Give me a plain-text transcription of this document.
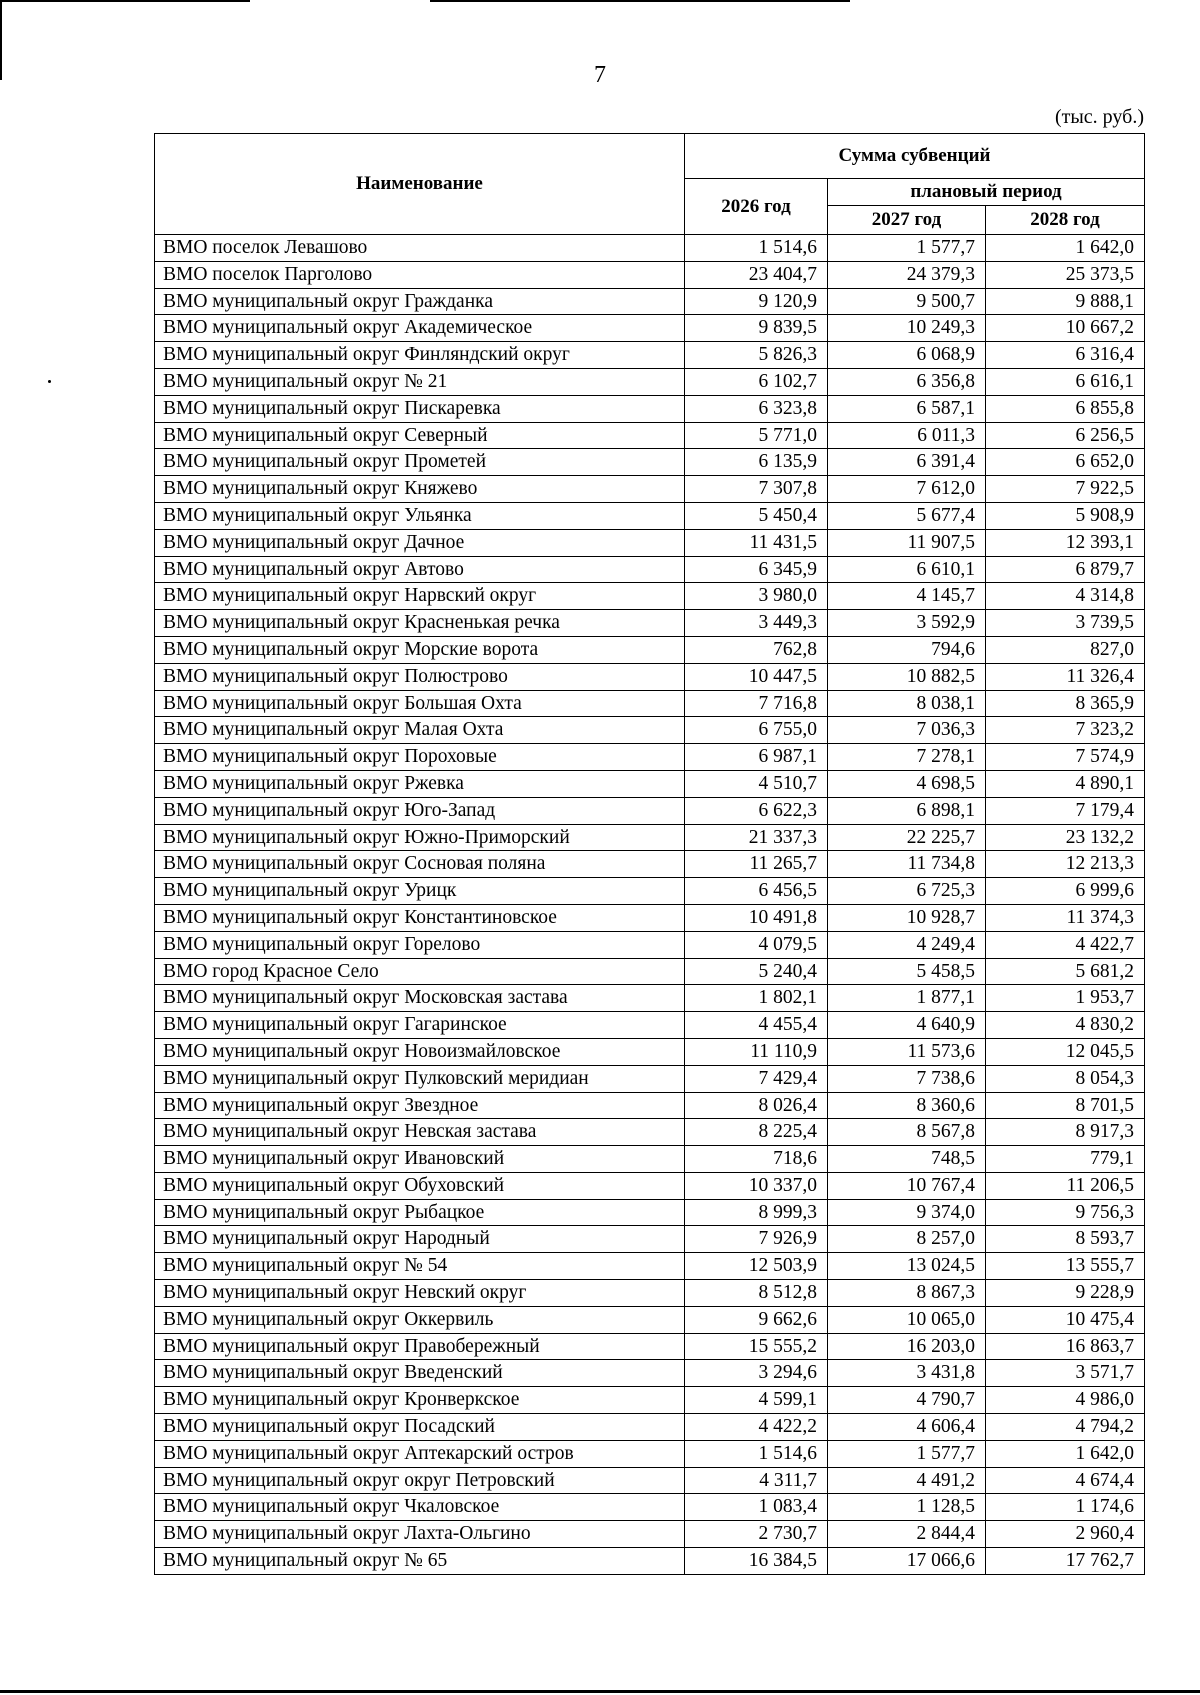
7
(тыс. руб.)
Наименование	Сумма субвенций		
	2026 год	плановый период	
		2027 год	2028 год
ВМО поселок Левашово	1 514,6	1 577,7	1 642,0
ВМО поселок Парголово	23 404,7	24 379,3	25 373,5
ВМО муниципальный округ Гражданка	9 120,9	9 500,7	9 888,1
ВМО муниципальный округ Академическое	9 839,5	10 249,3	10 667,2
ВМО муниципальный округ Финляндский округ	5 826,3	6 068,9	6 316,4
ВМО муниципальный округ № 21	6 102,7	6 356,8	6 616,1
ВМО муниципальный округ Пискаревка	6 323,8	6 587,1	6 855,8
ВМО муниципальный округ Северный	5 771,0	6 011,3	6 256,5
ВМО муниципальный округ Прометей	6 135,9	6 391,4	6 652,0
ВМО муниципальный округ Княжево	7 307,8	7 612,0	7 922,5
ВМО муниципальный округ Ульянка	5 450,4	5 677,4	5 908,9
ВМО муниципальный округ Дачное	11 431,5	11 907,5	12 393,1
ВМО муниципальный округ Автово	6 345,9	6 610,1	6 879,7
ВМО муниципальный округ Нарвский округ	3 980,0	4 145,7	4 314,8
ВМО муниципальный округ Красненькая речка	3 449,3	3 592,9	3 739,5
ВМО муниципальный округ Морские ворота	762,8	794,6	827,0
ВМО муниципальный округ Полюстрово	10 447,5	10 882,5	11 326,4
ВМО муниципальный округ Большая Охта	7 716,8	8 038,1	8 365,9
ВМО муниципальный округ Малая Охта	6 755,0	7 036,3	7 323,2
ВМО муниципальный округ Пороховые	6 987,1	7 278,1	7 574,9
ВМО муниципальный округ Ржевка	4 510,7	4 698,5	4 890,1
ВМО муниципальный округ Юго-Запад	6 622,3	6 898,1	7 179,4
ВМО муниципальный округ Южно-Приморский	21 337,3	22 225,7	23 132,2
ВМО муниципальный округ Сосновая поляна	11 265,7	11 734,8	12 213,3
ВМО муниципальный округ Урицк	6 456,5	6 725,3	6 999,6
ВМО муниципальный округ Константиновское	10 491,8	10 928,7	11 374,3
ВМО муниципальный округ Горелово	4 079,5	4 249,4	4 422,7
ВМО город Красное Село	5 240,4	5 458,5	5 681,2
ВМО муниципальный округ Московская застава	1 802,1	1 877,1	1 953,7
ВМО муниципальный округ Гагаринское	4 455,4	4 640,9	4 830,2
ВМО муниципальный округ Новоизмайловское	11 110,9	11 573,6	12 045,5
ВМО муниципальный округ Пулковский меридиан	7 429,4	7 738,6	8 054,3
ВМО муниципальный округ Звездное	8 026,4	8 360,6	8 701,5
ВМО муниципальный округ Невская застава	8 225,4	8 567,8	8 917,3
ВМО муниципальный округ Ивановский	718,6	748,5	779,1
ВМО муниципальный округ Обуховский	10 337,0	10 767,4	11 206,5
ВМО муниципальный округ Рыбацкое	8 999,3	9 374,0	9 756,3
ВМО муниципальный округ Народный	7 926,9	8 257,0	8 593,7
ВМО муниципальный округ № 54	12 503,9	13 024,5	13 555,7
ВМО муниципальный округ Невский округ	8 512,8	8 867,3	9 228,9
ВМО муниципальный округ Оккервиль	9 662,6	10 065,0	10 475,4
ВМО муниципальный округ Правобережный	15 555,2	16 203,0	16 863,7
ВМО муниципальный округ Введенский	3 294,6	3 431,8	3 571,7
ВМО муниципальный округ Кронверкское	4 599,1	4 790,7	4 986,0
ВМО муниципальный округ Посадский	4 422,2	4 606,4	4 794,2
ВМО муниципальный округ Аптекарский остров	1 514,6	1 577,7	1 642,0
ВМО муниципальный округ округ Петровский	4 311,7	4 491,2	4 674,4
ВМО муниципальный округ Чкаловское	1 083,4	1 128,5	1 174,6
ВМО муниципальный округ Лахта-Ольгино	2 730,7	2 844,4	2 960,4
ВМО муниципальный округ № 65	16 384,5	17 066,6	17 762,7
